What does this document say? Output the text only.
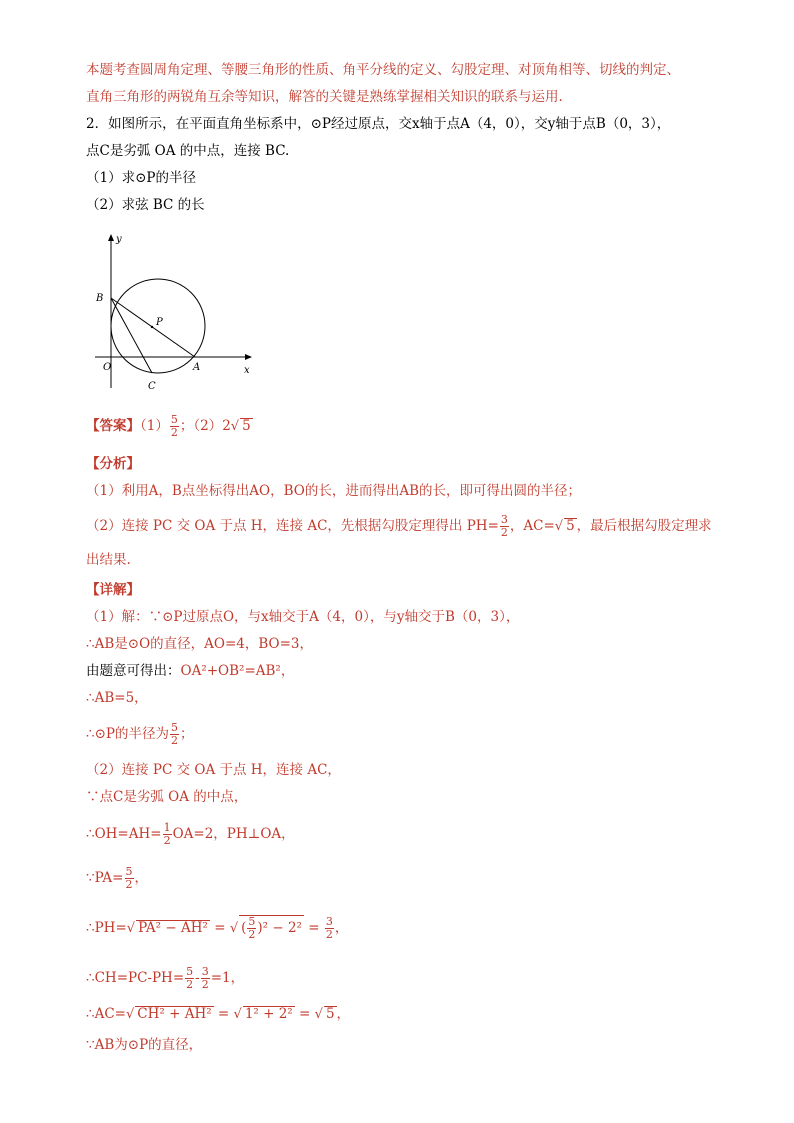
本题考查圆周角定理、等腰三角形的性质、角平分线的定义、勾股定理、对顶角相等、切线的判定、
直角三角形的两锐角互余等知识，解答的关键是熟练掌握相关知识的联系与运用.
2．如图所示，在平面直角坐标系中，⊙P经过原点，交x轴于点A（4，0），交y轴于点B（0，3），
点C是劣弧 OA 的中点，连接 BC.
（1）求⊙P的半径
（2）求弦 BC 的长
y
x
B
P
O	A
C
【答案】$(1) \frac{5}{2}$ ；（2）2√ 5
【分析】
（1）利用A，B点坐标得出AO，BO的长，进而得出AB的长，即可得出圆的半径；
（2）连接 PC 交 OA 于点 H，连接 AC，先根据勾股定理得出 $PH= \frac{3}{2}$ ，AC=√ 5 ，最后根据勾股定理求
出结果.
【详解】
（1）解：∵⊙P过原点O，与x轴交于A（4，0），与y轴交于B（0，3），
∴AB是⊙O的直径，AO=4，BO=3，
由题意可得出：OA²+OB²=AB²，
∴AB=5，
∴⊙P的半径为 $\frac{5}{2}$ ；
（2）连接 PC 交 OA 于点 H，连接 AC，
∵点C是劣弧 OA 的中点，
∴OH=AH= $\frac{1}{2} OA=2$，PH⊥OA，
∵PA= $\frac{5}{2}$ ，
∴PH=√ PA² − AH² = √ ( $\frac{5}{2} )^2 - 2^2 = \frac{3}{2}$ ，
∴CH=PC-PH= $\frac{5}{2} - \frac{3}{2} =1$，
∴AC=√ CH² + AH² = √ 1² + 2² = √ 5 ，
∵AB为⊙P的直径，
